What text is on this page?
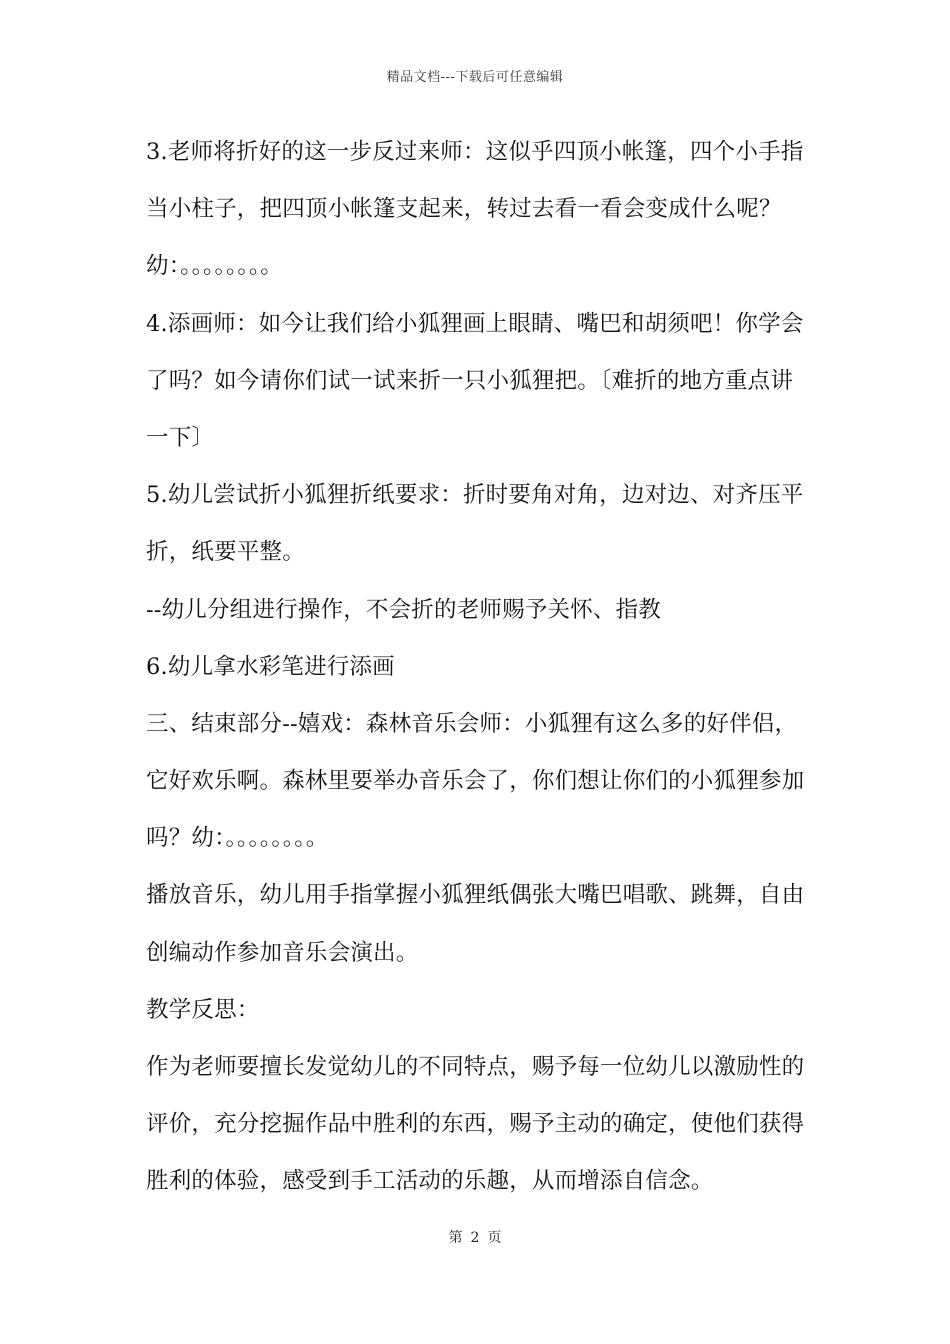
精品文档---下载后可任意编辑
3.老师将折好的这一步反过来师：这似乎四顶小帐篷，四个小手指
当小柱子，把四顶小帐篷支起来，转过去看一看会变成什么呢？
幼：。。。。。。。。
4.添画师：如今让我们给小狐狸画上眼睛、嘴巴和胡须吧！你学会
了吗？如今请你们试一试来折一只小狐狸把。〔难折的地方重点讲
一下〕
5.幼儿尝试折小狐狸折纸要求：折时要角对角，边对边、对齐压平
折，纸要平整。
--幼儿分组进行操作，不会折的老师赐予关怀、指教
6.幼儿拿水彩笔进行添画
三、结束部分--嬉戏：森林音乐会师：小狐狸有这么多的好伴侣，
它好欢乐啊。森林里要举办音乐会了，你们想让你们的小狐狸参加
吗？幼：。。。。。。。。
播放音乐，幼儿用手指掌握小狐狸纸偶张大嘴巴唱歌、跳舞，自由
创编动作参加音乐会演出。
教学反思：
作为老师要擅长发觉幼儿的不同特点，赐予每一位幼儿以激励性的
评价，充分挖掘作品中胜利的东西，赐予主动的确定，使他们获得
胜利的体验，感受到手工活动的乐趣，从而增添自信念。
第 2 页
